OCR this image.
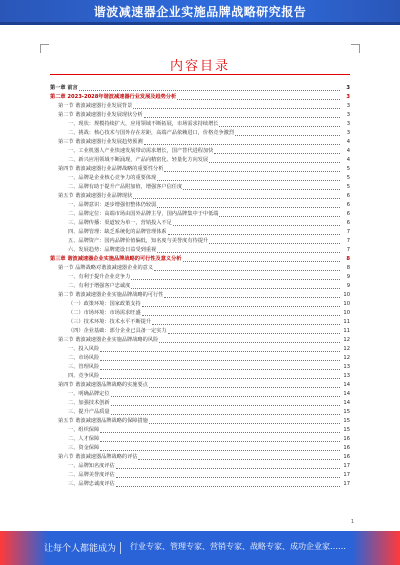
谐波减速器企业实施品牌战略研究报告
内容目录
第一章 前言	3
第二章 2023-2028年谐波减速器行业发展及趋势分析	3
第一节 谐波减速器行业发展背景	3
第二节 谐波减速器行业发展现状分析	3
一、现状：规模持续扩大，应用领域不断拓展，市场需求持续增长	3
二、挑战：核心技术与国外存在差距，高端产品依赖进口，价格竞争激烈	3
第三节 谐波减速器行业发展趋势预测	4
一、工业机器人产业快速发展带动需求增长，国产替代进程加快	4
二、新兴应用领域不断涌现，产品向精密化、轻量化方向发展	4
第四节 谐波减速器行业品牌战略的重要性分析	5
一、品牌是企业核心竞争力的重要体现	5
二、品牌有助于提升产品附加值，增强客户信任度	5
第五节 谐波减速器行业品牌现状	6
一、品牌意识：逐步增强但整体仍较弱	6
二、品牌定位：高端市场由国外品牌主导，国内品牌集中于中低端	6
三、品牌传播：渠道较为单一，营销投入不足	6
四、品牌管理：缺乏系统化的品牌管理体系	7
五、品牌资产：国内品牌价值偏低，知名度与美誉度有待提升	7
六、发展趋势：品牌建设日益受到重视	7
第三章 谐波减速器企业实施品牌战略的可行性及意义分析	8
第一节 品牌战略对谐波减速器企业的意义	8
一、有利于提升企业竞争力	9
二、有利于增强客户忠诚度	9
第二节 谐波减速器企业实施品牌战略的可行性	10
（一）政策环境：国家政策支持	10
（二）市场环境：市场需求旺盛	10
（三）技术环境：技术水平不断提升	11
（四）企业基础：部分企业已具备一定实力	11
第三节 谐波减速器企业实施品牌战略的风险	12
一、投入风险	12
二、市场风险	12
三、管理风险	13
四、竞争风险	13
第四节 谐波减速器品牌战略的实施要点	14
一、明确品牌定位	14
二、加强技术创新	14
三、提升产品质量	15
第五节 谐波减速器品牌战略的保障措施	15
一、组织保障	15
二、人才保障	16
三、资金保障	16
第六节 谐波减速器品牌战略的评估	16
一、品牌知名度评估	17
二、品牌美誉度评估	17
三、品牌忠诚度评估	17
1
让每个人都能成为 行业专家、管理专家、营销专家、战略专家、成功企业家……
